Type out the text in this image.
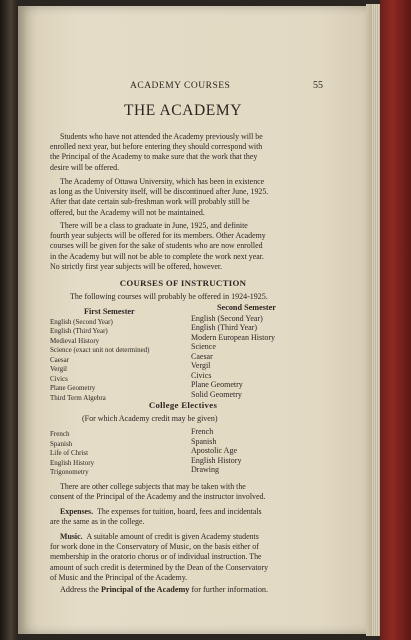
ACADEMY COURSES	55
THE ACADEMY
Students who have not attended the Academy previously will be
enrolled next year, but before entering they should correspond with
the Principal of the Academy to make sure that the work that they
desire will be offered.
The Academy of Ottawa University, which has been in existence
as long as the University itself, will be discontinued after June, 1925.
After that date certain sub-freshman work will probably still be
offered, but the Academy will not be maintained.
There will be a class to graduate in June, 1925, and definite
fourth year subjects will be offered for its members. Other Academy
courses will be given for the sake of students who are now enrolled
in the Academy but will not be able to complete the work next year.
No strictly first year subjects will be offered, however.
COURSES OF INSTRUCTION
The following courses will probably be offered in 1924-1925.
First Semester
English (Second Year)
English (Third Year)
Medieval History
Science (exact unit not determined)
Caesar
Vergil
Civics
Plane Geometry
Third Term Algebra
Second Semester
English (Second Year)
English (Third Year)
Modern European History
Science
Caesar
Vergil
Civics
Plane Geometry
Solid Geometry
College Electives
(For which Academy credit may be given)
French
Spanish
Life of Christ
English History
Trigonometry
French
Spanish
Apostolic Age
English History
Drawing
There are other college subjects that may be taken with the
consent of the Principal of the Academy and the instructor involved.
Expenses. The expenses for tuition, board, fees and incidentals
are the same as in the college.
Music. A suitable amount of credit is given Academy students
for work done in the Conservatory of Music, on the basis either of
membership in the oratorio chorus or of individual instruction. The
amount of such credit is determined by the Dean of the Conservatory
of Music and the Principal of the Academy.
Address the Principal of the Academy for further information.
